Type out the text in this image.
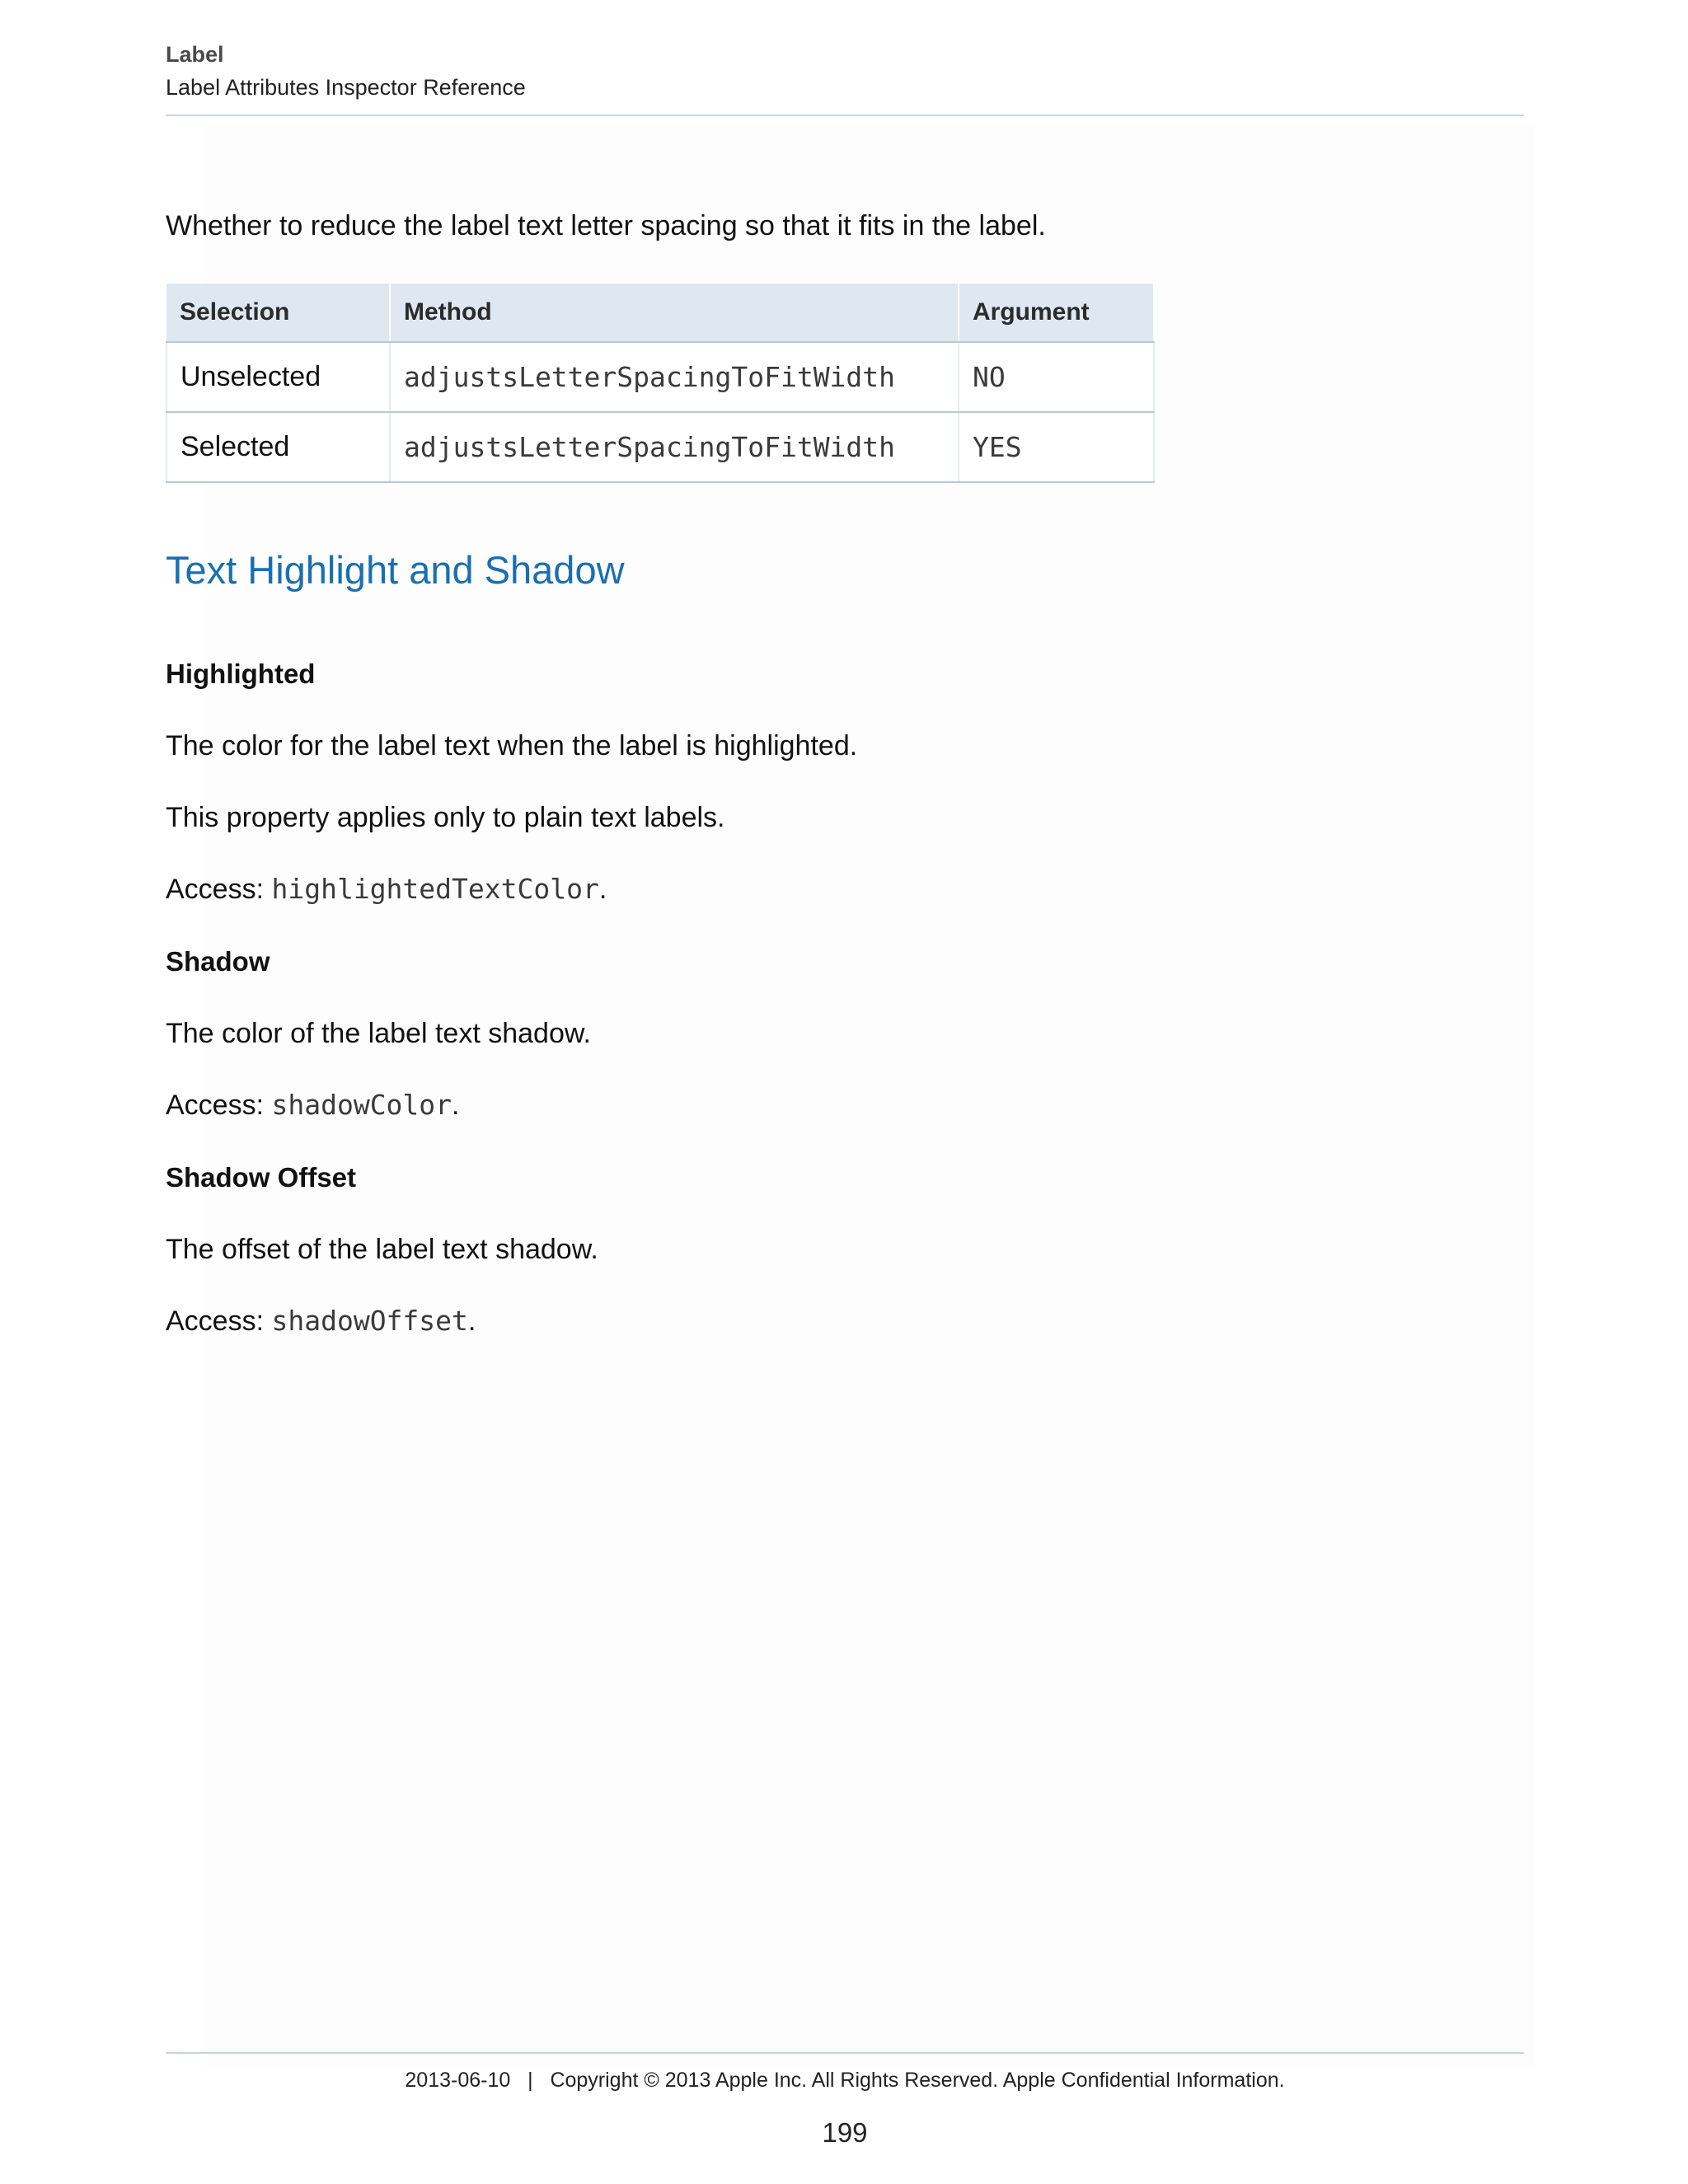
Label
Label Attributes Inspector Reference
Whether to reduce the label text letter spacing so that it fits in the label.
Selection	Method	Argument
Unselected	adjustsLetterSpacingToFitWidth	NO
Selected	adjustsLetterSpacingToFitWidth	YES
Text Highlight and Shadow
Highlighted
The color for the label text when the label is highlighted.
This property applies only to plain text labels.
Access: highlightedTextColor.
Shadow
The color of the label text shadow.
Access: shadowColor.
Shadow Offset
The offset of the label text shadow.
Access: shadowOffset.
2013-06-10   |   Copyright © 2013 Apple Inc. All Rights Reserved. Apple Confidential Information.
199
